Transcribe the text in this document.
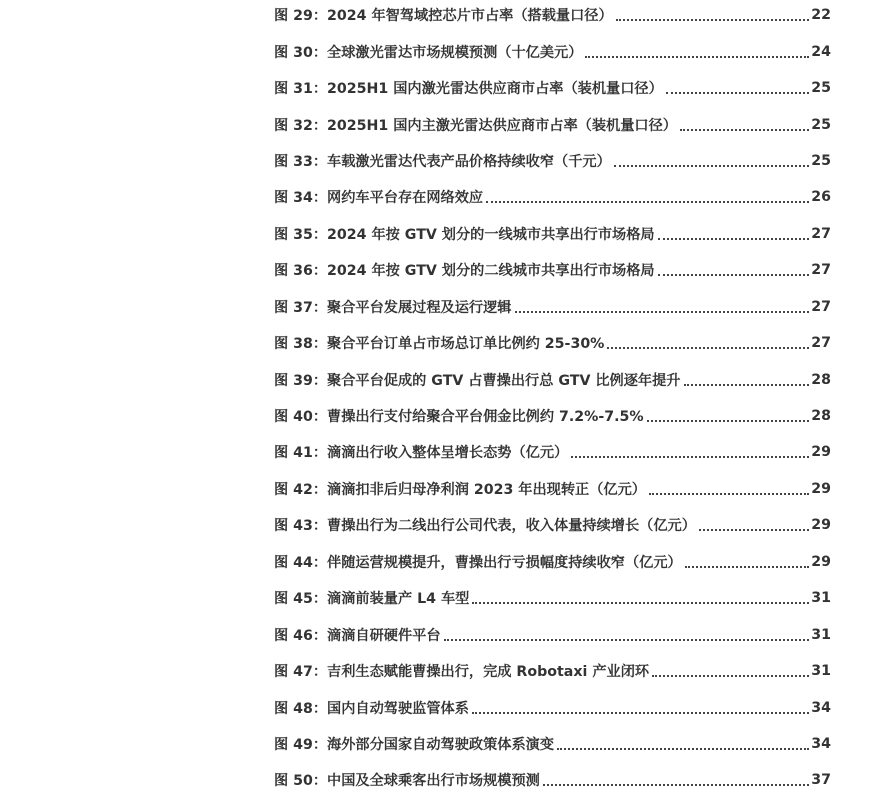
图 29：2024 年智驾域控芯片市占率（搭载量口径）	22
图 30：全球激光雷达市场规模预测（十亿美元）	24
图 31：2025H1 国内激光雷达供应商市占率（装机量口径）	25
图 32：2025H1 国内主激光雷达供应商市占率（装机量口径）	25
图 33：车载激光雷达代表产品价格持续收窄（千元）	25
图 34：网约车平台存在网络效应	26
图 35：2024 年按 GTV 划分的一线城市共享出行市场格局	27
图 36：2024 年按 GTV 划分的二线城市共享出行市场格局	27
图 37：聚合平台发展过程及运行逻辑	27
图 38：聚合平台订单占市场总订单比例约 25-30%	27
图 39：聚合平台促成的 GTV 占曹操出行总 GTV 比例逐年提升	28
图 40：曹操出行支付给聚合平台佣金比例约 7.2%-7.5%	28
图 41：滴滴出行收入整体呈增长态势（亿元）	29
图 42：滴滴扣非后归母净利润 2023 年出现转正（亿元）	29
图 43：曹操出行为二线出行公司代表，收入体量持续增长（亿元）	29
图 44：伴随运营规模提升，曹操出行亏损幅度持续收窄（亿元）	29
图 45：滴滴前装量产 L4 车型	31
图 46：滴滴自研硬件平台	31
图 47：吉利生态赋能曹操出行，完成 Robotaxi 产业闭环	31
图 48：国内自动驾驶监管体系	34
图 49：海外部分国家自动驾驶政策体系演变	34
图 50：中国及全球乘客出行市场规模预测	37
